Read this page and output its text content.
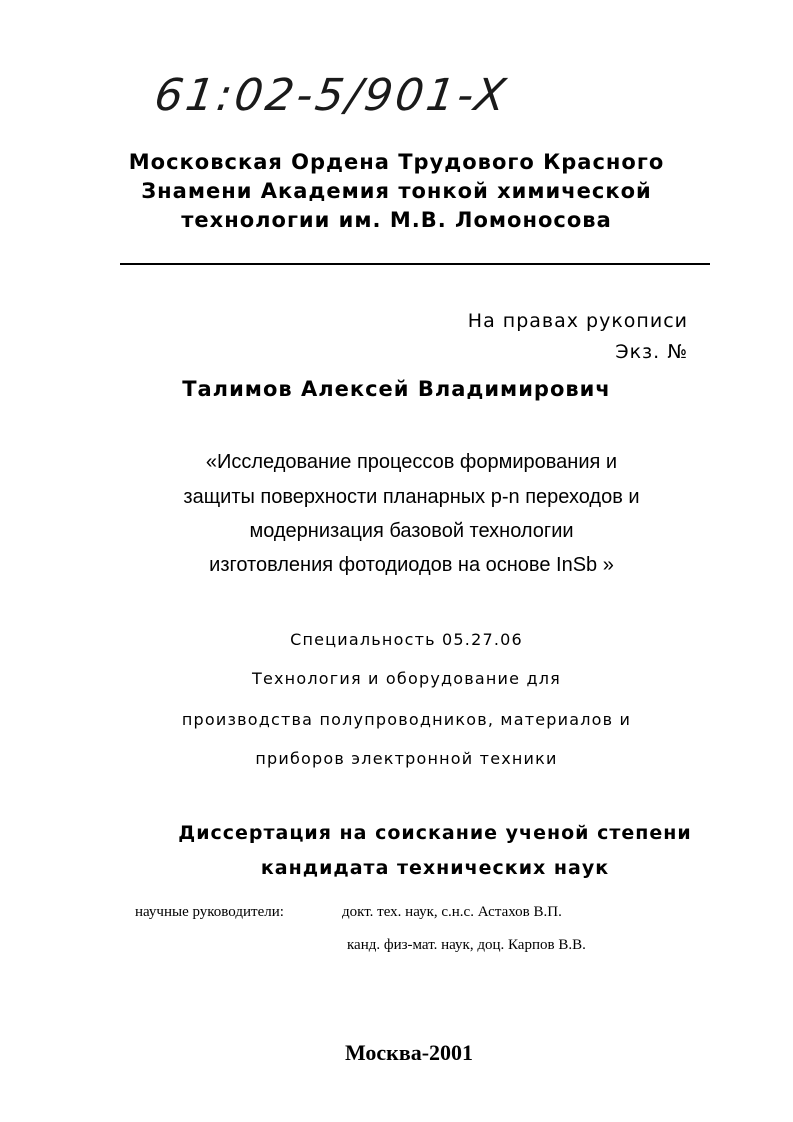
61:02-5/901-X
Московская Ордена Трудового Красного
Знамени Академия тонкой химической
технологии им. М.В. Ломоносова
На правах рукописи
Экз. №
Талимов Алексей Владимирович
«Исследование процессов формирования и
защиты поверхности планарных p-n переходов и
модернизация базовой технологии
изготовления фотодиодов на основе InSb »
Специальность 05.27.06
Технология и оборудование для
производства полупроводников, материалов и
приборов электронной техники
Диссертация на соискание ученой степени
кандидата технических наук
научные руководители:	докт. тех. наук, с.н.с. Астахов В.П.
канд. физ-мат. наук, доц. Карпов В.В.
Москва-2001
